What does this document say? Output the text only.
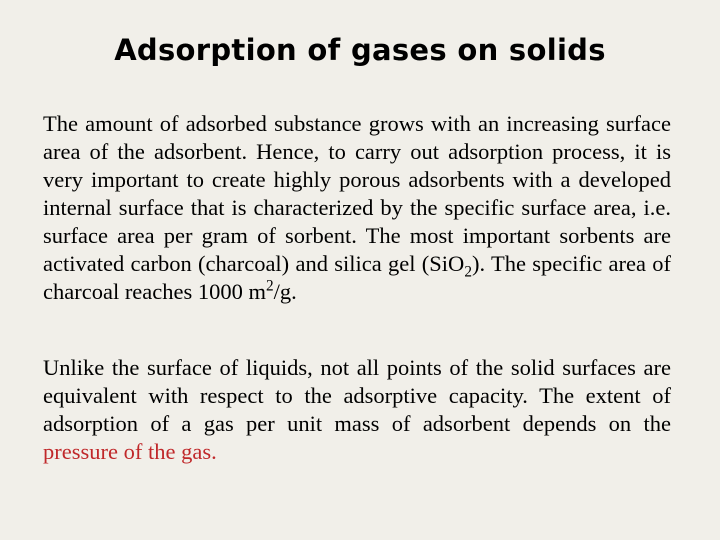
Adsorption of gases on solids

The amount of adsorbed substance grows with an increasing surface area of the adsorbent. Hence, to carry out adsorption process, it is very important to create highly porous adsorbents with a developed internal surface that is characterized by the specific surface area, i.e. surface area per gram of sorbent. The most important sorbents are activated carbon (charcoal) and silica gel (SiO$_2$). The specific area of charcoal reaches 1000 $m^2/g$.

Unlike the surface of liquids, not all points of the solid surfaces are equivalent with respect to the adsorptive capacity. The extent of adsorption of a gas per unit mass of adsorbent depends on the pressure of the gas.
